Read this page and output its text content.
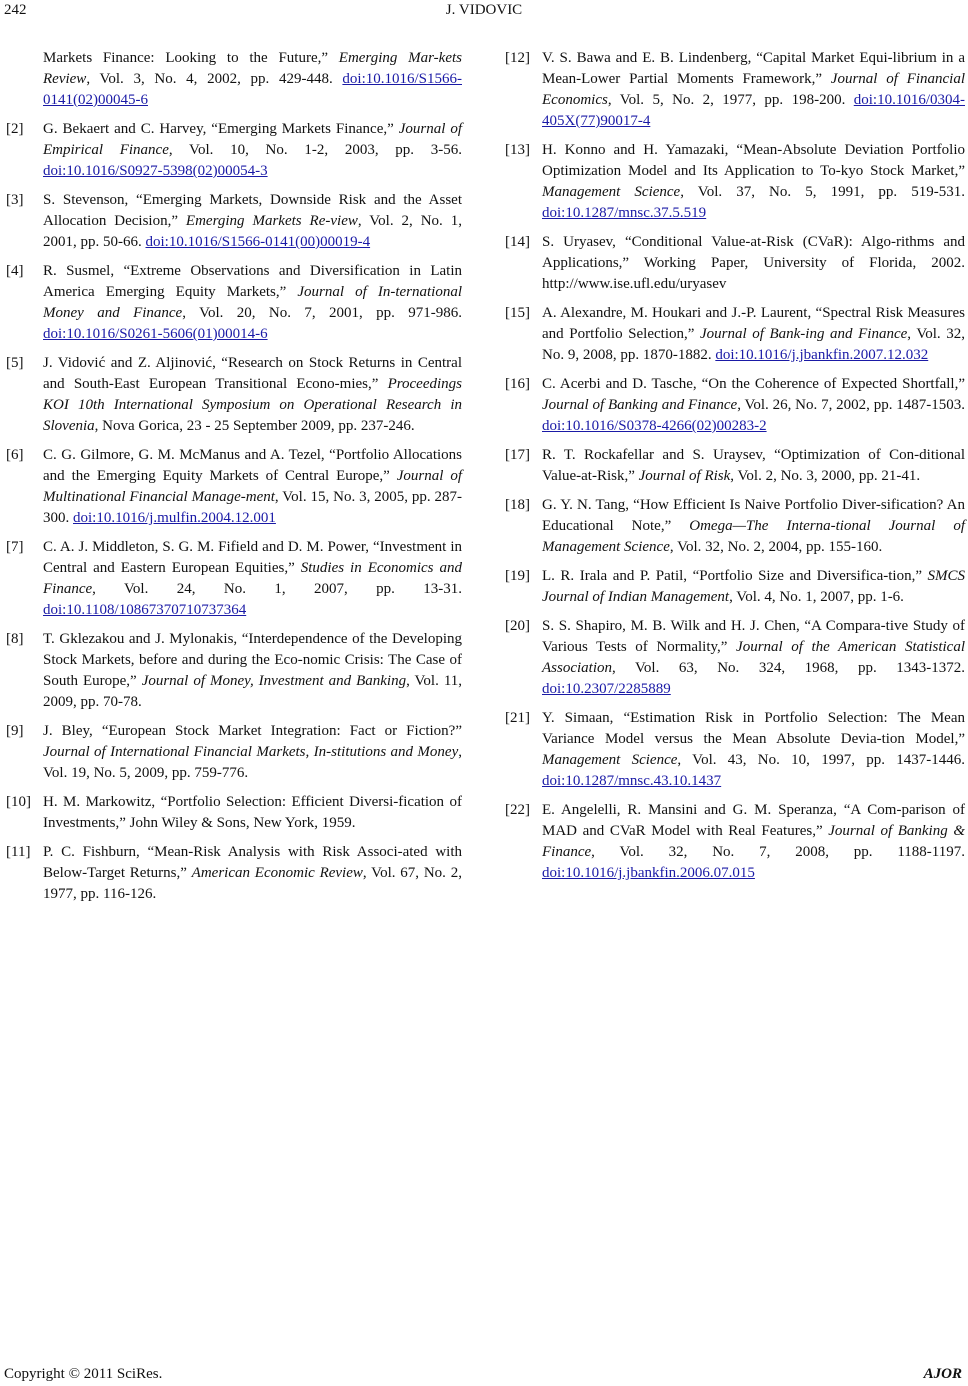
242	J. VIDOVIC
Markets Finance: Looking to the Future,” Emerging Mar-kets Review, Vol. 3, No. 4, 2002, pp. 429-448. doi:10.1016/S1566-0141(02)00045-6
[2]	G. Bekaert and C. Harvey, “Emerging Markets Finance,” Journal of Empirical Finance, Vol. 10, No. 1-2, 2003, pp. 3-56. doi:10.1016/S0927-5398(02)00054-3
[3]	S. Stevenson, “Emerging Markets, Downside Risk and the Asset Allocation Decision,” Emerging Markets Re-view, Vol. 2, No. 1, 2001, pp. 50-66. doi:10.1016/S1566-0141(00)00019-4
[4]	R. Susmel, “Extreme Observations and Diversification in Latin America Emerging Equity Markets,” Journal of In-ternational Money and Finance, Vol. 20, No. 7, 2001, pp. 971-986. doi:10.1016/S0261-5606(01)00014-6
[5]	J. Vidović and Z. Aljinović, “Research on Stock Returns in Central and South-East European Transitional Econo-mies,” Proceedings KOI 10th International Symposium on Operational Research in Slovenia, Nova Gorica, 23 - 25 September 2009, pp. 237-246.
[6]	C. G. Gilmore, G. M. McManus and A. Tezel, “Portfolio Allocations and the Emerging Equity Markets of Central Europe,” Journal of Multinational Financial Manage-ment, Vol. 15, No. 3, 2005, pp. 287-300. doi:10.1016/j.mulfin.2004.12.001
[7]	C. A. J. Middleton, S. G. M. Fifield and D. M. Power, “Investment in Central and Eastern European Equities,” Studies in Economics and Finance, Vol. 24, No. 1, 2007, pp. 13-31. doi:10.1108/10867370710737364
[8]	T. Gklezakou and J. Mylonakis, “Interdependence of the Developing Stock Markets, before and during the Eco-nomic Crisis: The Case of South Europe,” Journal of Money, Investment and Banking, Vol. 11, 2009, pp. 70-78.
[9]	J. Bley, “European Stock Market Integration: Fact or Fiction?” Journal of International Financial Markets, In-stitutions and Money, Vol. 19, No. 5, 2009, pp. 759-776.
[10] H. M. Markowitz, “Portfolio Selection: Efficient Diversi-fication of Investments,” John Wiley & Sons, New York, 1959.
[11] P. C. Fishburn, “Mean-Risk Analysis with Risk Associ-ated with Below-Target Returns,” American Economic Review, Vol. 67, No. 2, 1977, pp. 116-126.
[12] V. S. Bawa and E. B. Lindenberg, “Capital Market Equi-librium in a Mean-Lower Partial Moments Framework,” Journal of Financial Economics, Vol. 5, No. 2, 1977, pp. 198-200. doi:10.1016/0304-405X(77)90017-4
[13] H. Konno and H. Yamazaki, “Mean-Absolute Deviation Portfolio Optimization Model and Its Application to To-kyo Stock Market,” Management Science, Vol. 37, No. 5, 1991, pp. 519-531. doi:10.1287/mnsc.37.5.519
[14] S. Uryasev, “Conditional Value-at-Risk (CVaR): Algo-rithms and Applications,” Working Paper, University of Florida, 2002. http://www.ise.ufl.edu/uryasev
[15] A. Alexandre, M. Houkari and J.-P. Laurent, “Spectral Risk Measures and Portfolio Selection,” Journal of Bank-ing and Finance, Vol. 32, No. 9, 2008, pp. 1870-1882. doi:10.1016/j.jbankfin.2007.12.032
[16] C. Acerbi and D. Tasche, “On the Coherence of Expected Shortfall,” Journal of Banking and Finance, Vol. 26, No. 7, 2002, pp. 1487-1503. doi:10.1016/S0378-4266(02)00283-2
[17] R. T. Rockafellar and S. Uraysev, “Optimization of Con-ditional Value-at-Risk,” Journal of Risk, Vol. 2, No. 3, 2000, pp. 21-41.
[18] G. Y. N. Tang, “How Efficient Is Naive Portfolio Diver-sification? An Educational Note,” Omega—The Interna-tional Journal of Management Science, Vol. 32, No. 2, 2004, pp. 155-160.
[19] L. R. Irala and P. Patil, “Portfolio Size and Diversifica-tion,” SMCS Journal of Indian Management, Vol. 4, No. 1, 2007, pp. 1-6.
[20] S. S. Shapiro, M. B. Wilk and H. J. Chen, “A Compara-tive Study of Various Tests of Normality,” Journal of the American Statistical Association, Vol. 63, No. 324, 1968, pp. 1343-1372. doi:10.2307/2285889
[21] Y. Simaan, “Estimation Risk in Portfolio Selection: The Mean Variance Model versus the Mean Absolute Devia-tion Model,” Management Science, Vol. 43, No. 10, 1997, pp. 1437-1446. doi:10.1287/mnsc.43.10.1437
[22] E. Angelelli, R. Mansini and G. M. Speranza, “A Com-parison of MAD and CVaR Model with Real Features,” Journal of Banking & Finance, Vol. 32, No. 7, 2008, pp. 1188-1197. doi:10.1016/j.jbankfin.2006.07.015
Copyright © 2011 SciRes.	AJOR
